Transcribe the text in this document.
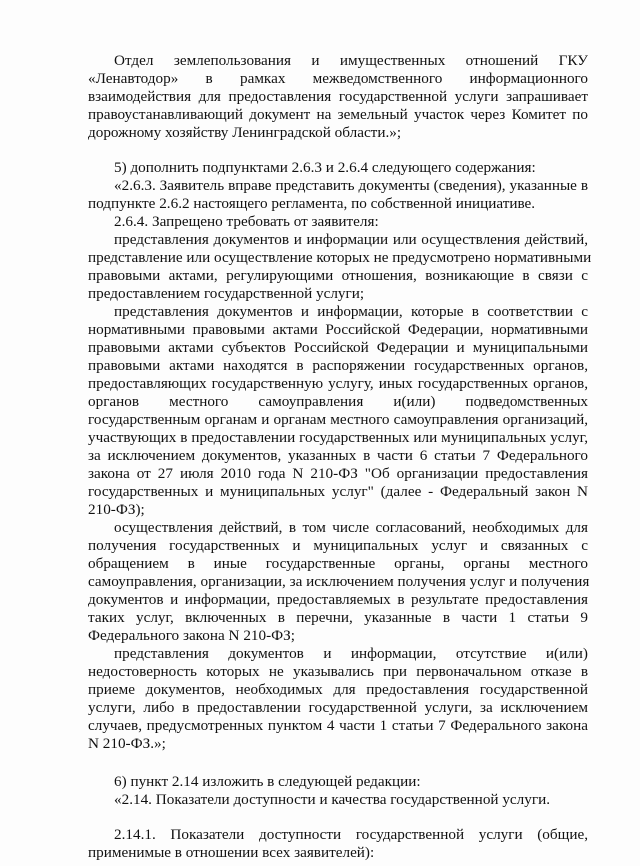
Отдел землепользования и имущественных отношений ГКУ
«Ленавтодор» в рамках межведомственного информационного
взаимодействия для предоставления государственной услуги запрашивает
правоустанавливающий документ на земельный участок через Комитет по
дорожному хозяйству Ленинградской области.»;
5) дополнить подпунктами 2.6.3 и 2.6.4 следующего содержания:
«2.6.3. Заявитель вправе представить документы (сведения), указанные в
подпункте 2.6.2 настоящего регламента, по собственной инициативе.
2.6.4. Запрещено требовать от заявителя:
представления документов и информации или осуществления действий,
представление или осуществление которых не предусмотрено нормативными
правовыми актами, регулирующими отношения, возникающие в связи с
предоставлением государственной услуги;
представления документов и информации, которые в соответствии с
нормативными правовыми актами Российской Федерации, нормативными
правовыми актами субъектов Российской Федерации и муниципальными
правовыми актами находятся в распоряжении государственных органов,
предоставляющих государственную услугу, иных государственных органов,
органов местного самоуправления и(или) подведомственных
государственным органам и органам местного самоуправления организаций,
участвующих в предоставлении государственных или муниципальных услуг,
за исключением документов, указанных в части 6 статьи 7 Федерального
закона от 27 июля 2010 года N 210-ФЗ "Об организации предоставления
государственных и муниципальных услуг" (далее - Федеральный закон N
210-ФЗ);
осуществления действий, в том числе согласований, необходимых для
получения государственных и муниципальных услуг и связанных с
обращением в иные государственные органы, органы местного
самоуправления, организации, за исключением получения услуг и получения
документов и информации, предоставляемых в результате предоставления
таких услуг, включенных в перечни, указанные в части 1 статьи 9
Федерального закона N 210-ФЗ;
представления документов и информации, отсутствие и(или)
недостоверность которых не указывались при первоначальном отказе в
приеме документов, необходимых для предоставления государственной
услуги, либо в предоставлении государственной услуги, за исключением
случаев, предусмотренных пунктом 4 части 1 статьи 7 Федерального закона
N 210-ФЗ.»;
6) пункт 2.14 изложить в следующей редакции:
«2.14. Показатели доступности и качества государственной услуги.
2.14.1. Показатели доступности государственной услуги (общие,
применимые в отношении всех заявителей):
